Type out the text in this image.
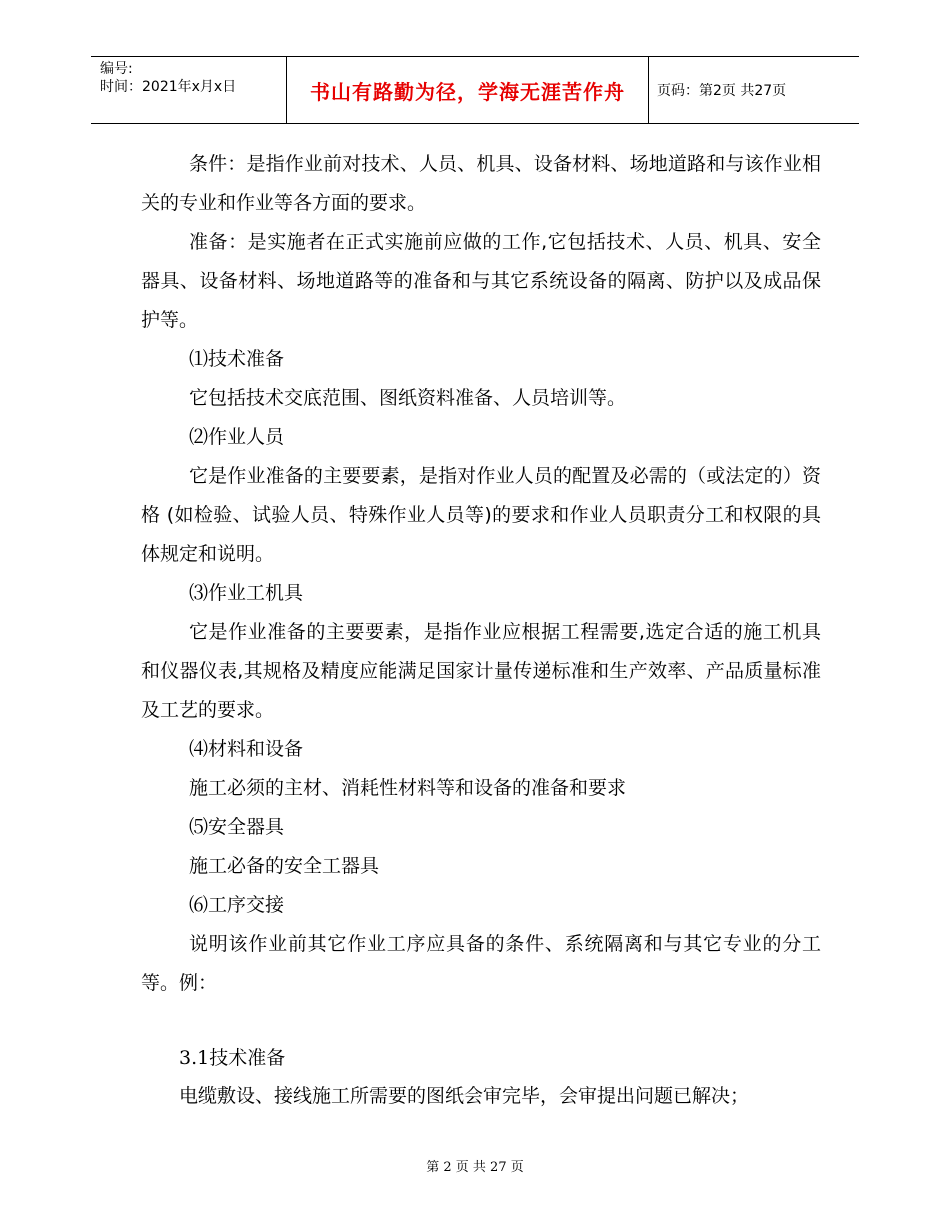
编号:
时间：2021年x月x日	书山有路勤为径，学海无涯苦作舟	页码：第2页 共27页

条件：是指作业前对技术、人员、机具、设备材料、场地道路和与该作业相关的专业和作业等各方面的要求。

准备：是实施者在正式实施前应做的工作,它包括技术、人员、机具、安全器具、设备材料、场地道路等的准备和与其它系统设备的隔离、防护以及成品保护等。

⑴技术准备

它包括技术交底范围、图纸资料准备、人员培训等。

⑵作业人员

它是作业准备的主要要素，是指对作业人员的配置及必需的（或法定的）资格 (如检验、试验人员、特殊作业人员等)的要求和作业人员职责分工和权限的具体规定和说明。

⑶作业工机具

它是作业准备的主要要素，是指作业应根据工程需要,选定合适的施工机具和仪器仪表,其规格及精度应能满足国家计量传递标准和生产效率、产品质量标准及工艺的要求。

⑷材料和设备

施工必须的主材、消耗性材料等和设备的准备和要求

⑸安全器具

施工必备的安全工器具

⑹工序交接

说明该作业前其它作业工序应具备的条件、系统隔离和与其它专业的分工等。例：

3.1技术准备

电缆敷设、接线施工所需要的图纸会审完毕，会审提出问题已解决；

第 2 页 共 27 页
